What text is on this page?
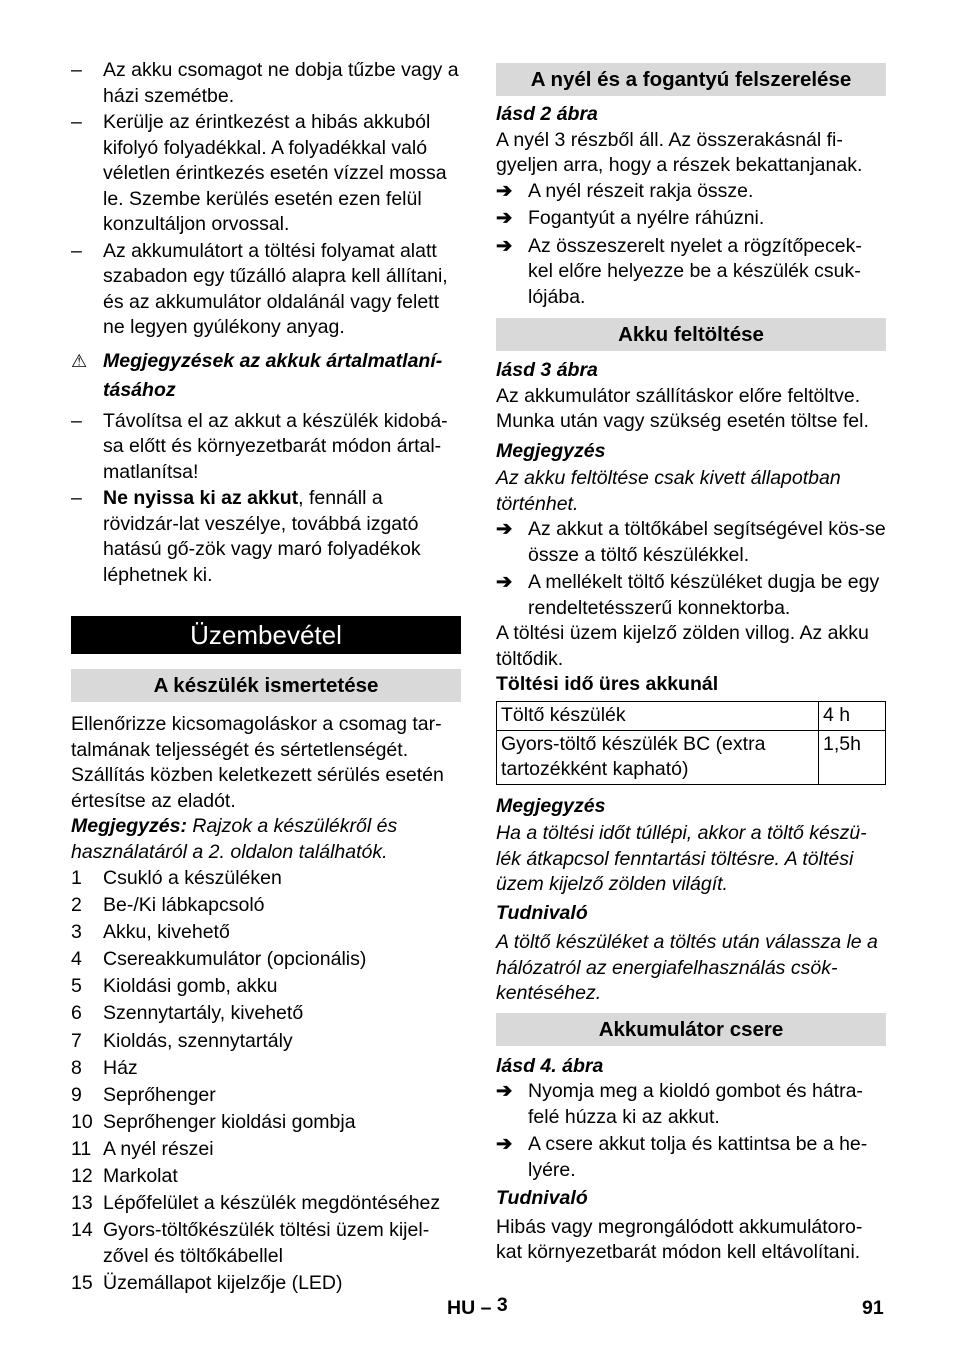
–	Az akku csomagot ne dobja tűzbe vagy a házi szemétbe.
–	Kerülje az érintkezést a hibás akkuból kifolyó folyadékkal. A folyadékkal való véletlen érintkezés esetén vízzel mossa le. Szembe kerülés esetén ezen felül konzultáljon orvossal.
–	Az akkumulátort a töltési folyamat alatt szabadon egy tűzálló alapra kell állítani, és az akkumulátor oldalánál vagy felett ne legyen gyúlékony anyag.
⚠ Megjegyzések az akkuk ártalmatlaní-tásához
–	Távolítsa el az akkut a készülék kidobá-sa előtt és környezetbarát módon ártal-matlanítsa!
–	Ne nyissa ki az akkut, fennáll a rövidzár-lat veszélye, továbbá izgató hatású gő-zök vagy maró folyadékok léphetnek ki.
Üzembevétel
A készülék ismertetése

Ellenőrizze kicsomagoláskor a csomag tar-talmának teljességét és sértetlenségét. Szállítás közben keletkezett sérülés esetén értesítse az eladót.

Megjegyzés: Rajzok a készülékről és használatáról a 2. oldalon találhatók.

1	Csukló a készüléken
2	Be-/Ki lábkapcsoló
3	Akku, kivehető
4	Csereakkumulátor (opcionális)
5	Kioldási gomb, akku
6	Szennytartály, kivehető
7	Kioldás, szennytartály
8	Ház
9	Seprőhenger
10 Seprőhenger kioldási gombja
11 A nyél részei
12 Markolat
13 Lépőfelület a készülék megdöntéséhez
14 Gyors-töltőkészülék töltési üzem kijel-zővel és töltőkábellel
15 Üzemállapot kijelzője (LED)
A nyél és a fogantyú felszerelése

lásd 2 ábra

A nyél 3 részből áll. Az összerakásnál fi-gyeljen arra, hogy a részek bekattanjanak.

➔ A nyél részeit rakja össze.
➔ Fogantyút a nyélre ráhúzni.
➔ Az összeszerelt nyelet a rögzítőpecek-kel előre helyezze be a készülék csuk-lójába.
Akku feltöltése

lásd 3 ábra

Az akkumulátor szállításkor előre feltöltve. Munka után vagy szükség esetén töltse fel.

Megjegyzés

Az akku feltöltése csak kivett állapotban történhet.

➔ Az akkut a töltőkábel segítségével kös-se össze a töltő készülékkel.
➔ A mellékelt töltő készüléket dugja be egy rendeltetésszerű konnektorba.

A töltési üzem kijelző zölden villog. Az akku töltődik.

Töltési idő üres akkunál

Töltő készülék	4 h
Gyors-töltő készülék BC (extra tartozékként kapható)	1,5h

Megjegyzés

Ha a töltési időt túllépi, akkor a töltő készü-lék átkapcsol fenntartási töltésre. A töltési üzem kijelző zölden világít.

Tudnivaló

A töltő készüléket a töltés után válassza le a hálózatról az energiafelhasználás csök-kentéséhez.

Akkumulátor csere

lásd 4. ábra

➔ Nyomja meg a kioldó gombot és hátra-felé húzza ki az akkut.
➔ A csere akkut tolja és kattintsa be a he-lyére.

Tudnivaló

Hibás vagy megrongálódott akkumulátoro-kat környezetbarát módon kell eltávolítani.

HU – 3	91
